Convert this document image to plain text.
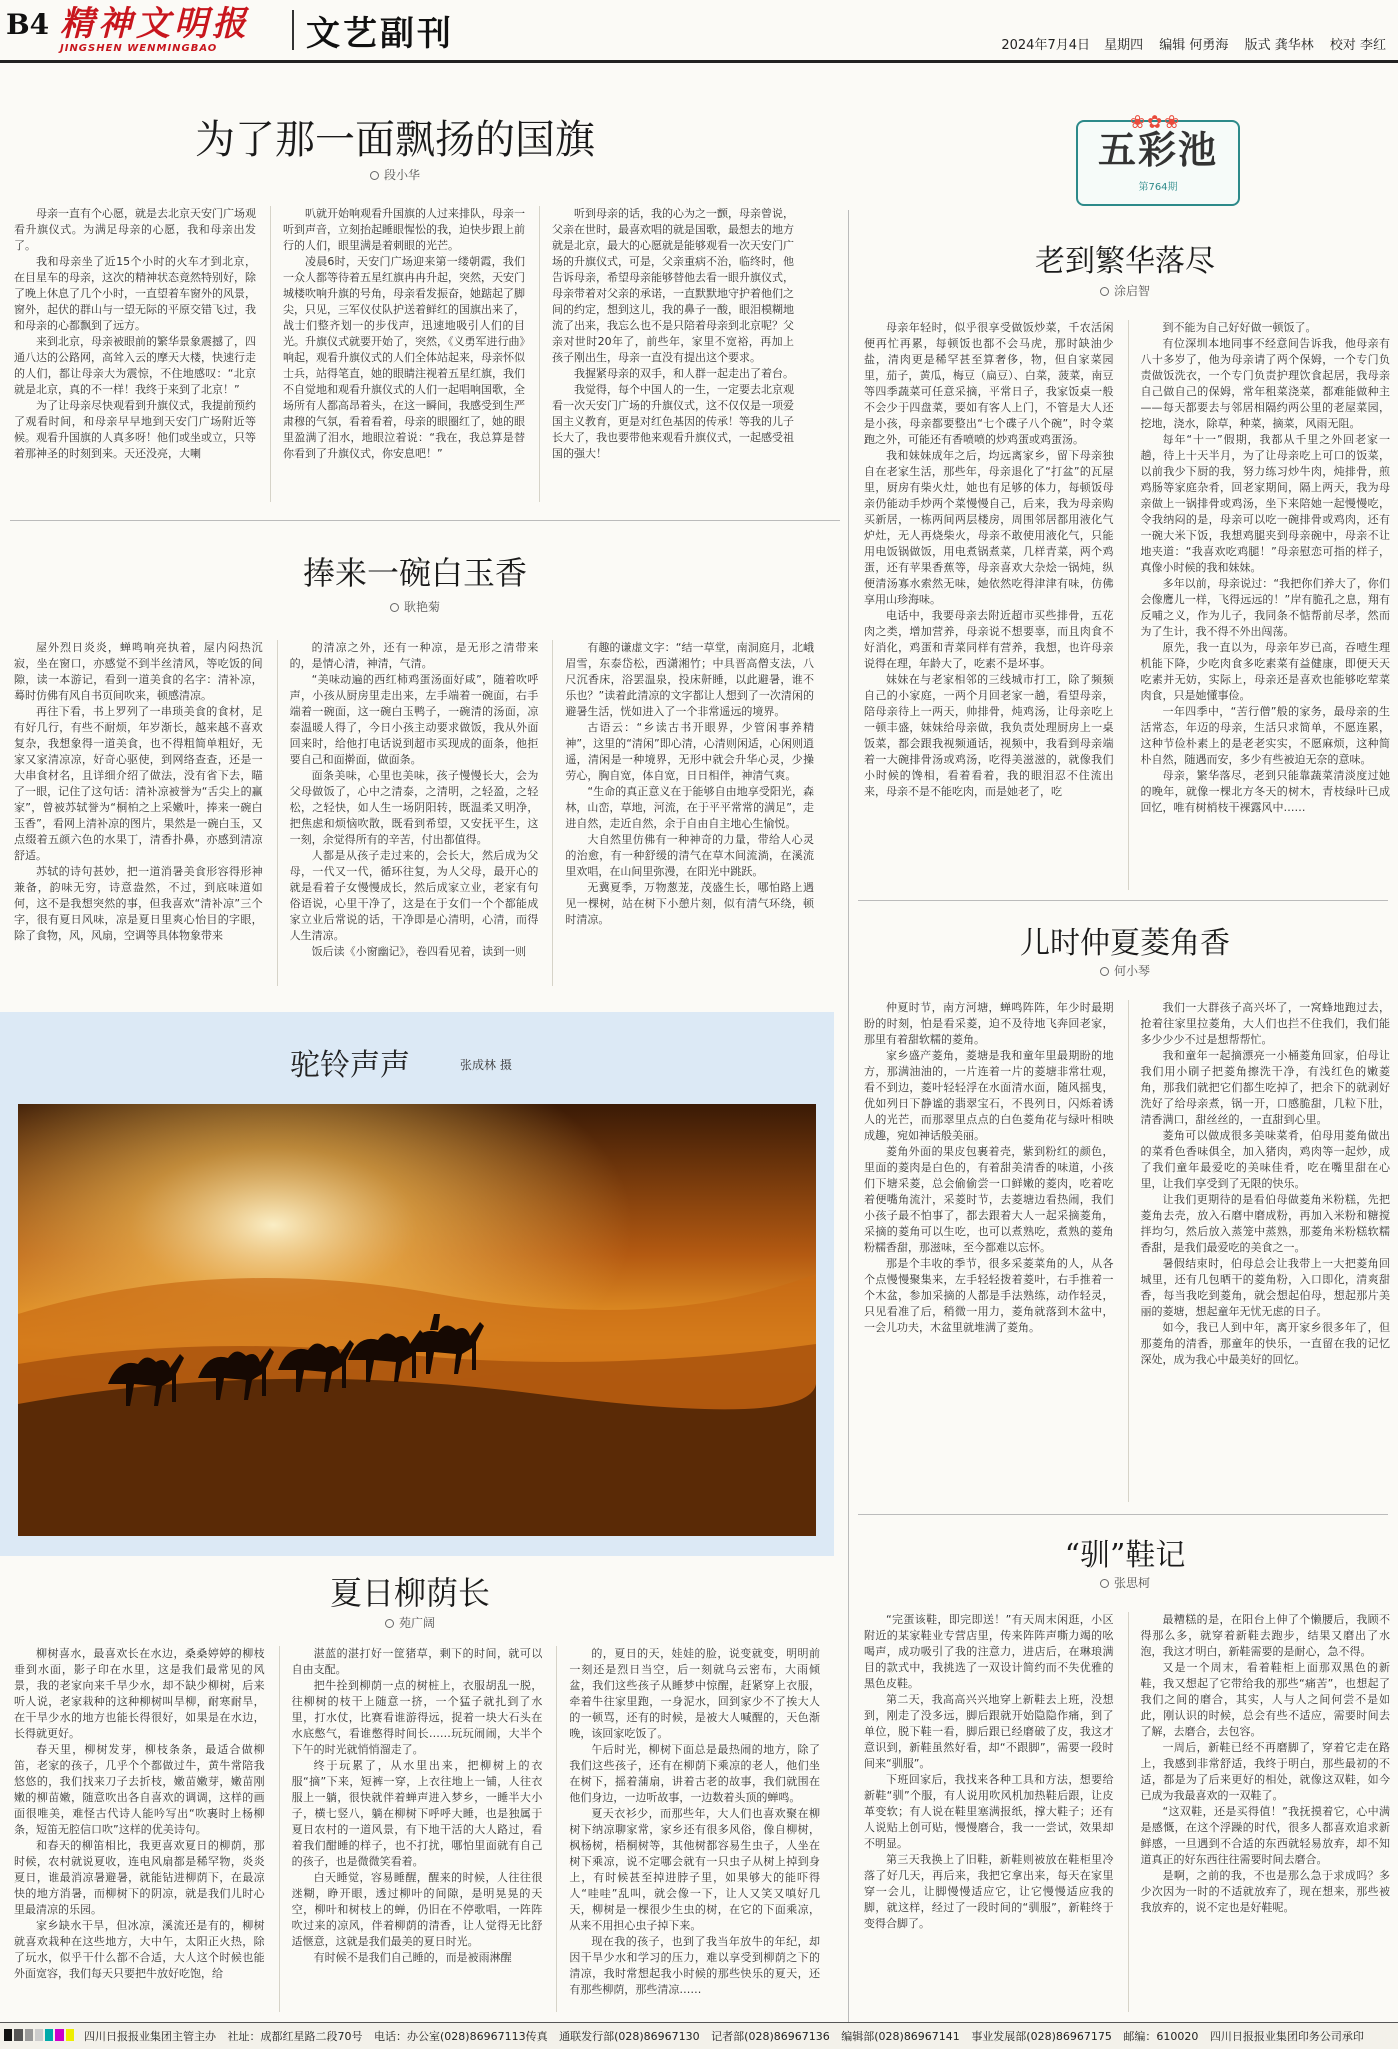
B4 精神文明报
JINGSHEN WENMINGBAO	文艺副刊	2024年7月4日 星期四 编辑 何勇海 版式 龚华林 校对 李红
为了那一面飘扬的国旗
段小华

母亲一直有个心愿，就是去北京天安门广场观看升旗仪式。为满足母亲的心愿，我和母亲出发了。

我和母亲坐了近15个小时的火车才到北京，在目星车的母亲，这次的精神状态竟然特别好，除了晚上休息了几个小时，一直望着车窗外的风景，窗外，起伏的群山与一望无际的平原交错飞过，我和母亲的心都飘到了远方。

来到北京，母亲被眼前的繁华景象震撼了，四通八达的公路网，高耸入云的摩天大楼，快速行走的人们，都让母亲大为震惊，不住地感叹：“北京就是北京，真的不一样！我终于来到了北京！”

为了让母亲尽快观看到升旗仪式，我提前预约了观看时间，和母亲早早地到天安门广场附近等候。观看升国旗的人真多呀！他们或坐或立，只等着那神圣的时刻到来。天还没亮，大喇

叭就开始响观看升国旗的人过来排队，母亲一听到声音，立刻抬起睡眼惺忪的我，迫快步跟上前行的人们，眼里满是着刺眼的光芒。

凌晨6时，天安门广场迎来第一缕朝霞，我们一众人都等待着五星红旗冉冉升起，突然，天安门城楼吹响升旗的号角，母亲看发振奋，她踮起了脚尖，只见，三军仪仗队护送着鲜红的国旗出来了，战士们整齐划一的步伐声，迅速地吸引人们的目光。升旗仪式就要开始了，突然，《义勇军进行曲》响起，观看升旗仪式的人们全体站起来，母亲怀似士兵，站得笔直，她的眼睛注视着五星红旗，我们不自觉地和观看升旗仪式的人们一起唱响国歌，全场所有人都高昂着头，在这一瞬间，我感受到生严肃穆的气氛，看着看着，母亲的眼圈红了，她的眼里盈满了泪水，地眼泣着说：“我在，我总算是替你看到了升旗仪式，你安息吧！”

听到母亲的话，我的心为之一颤，母亲曾说，父亲在世时，最喜欢唱的就是国歌，最想去的地方就是北京，最大的心愿就是能够观看一次天安门广场的升旗仪式，可是，父亲重病不治，临终时，他告诉母亲，希望母亲能够替他去看一眼升旗仪式，母亲带着对父亲的承诺，一直默默地守护着他们之间的约定，想到这儿，我的鼻子一酸，眼泪模糊地流了出来，我忘么也不是只陪着母亲到北京呢？父亲对世时20年了，前些年，家里不宽裕，再加上孩子刚出生，母亲一直没有提出这个要求。

我握紧母亲的双手，和人群一起走出了着台。

我觉得，每个中国人的一生，一定要去北京观看一次天安门广场的升旗仪式，这不仅仅是一项爱国主义教育，更是对红色基因的传承！等我的儿子长大了，我也要带他来观看升旗仪式，一起感受祖国的强大！

五彩池
第764期
❀✿❀
老到繁华落尽
涂启智

母亲年轻时，似乎很享受做饭炒菜，千农活闲便再忙再累，每顿饭也都不会马虎，那时缺油少盐，清肉更是稀罕甚至算奢侈，物，但自家菜园里，茄子，黄瓜，梅豆（扁豆）、白菜，菠菜，南豆等四季蔬菜可任意采摘，平常日子，我家饭桌一般不会少于四盘菜，要如有客人上门，不管是大人还是小孩，母亲都要整出“七个碟子八个碗”，时令菜跑之外，可能还有香喷喷的炒鸡蛋或鸡蛋汤。

我和妹妹成年之后，均远离家乡，留下母亲独自在老家生活，那些年，母亲退化了“打盆”的瓦屋里，厨房有柴火灶，她也有足够的体力，每顿饭母亲仍能动手炒两个菜慢慢自己，后来，我为母亲购买新居，一栋两间两层楼房，周围邻居都用液化气炉灶，无人再烧柴火，母亲不敢使用液化气，只能用电饭锅做饭，用电煮锅煮菜，几样青菜，两个鸡蛋，还有苹果香蕉等，母亲喜欢大杂烩一锅炖，纵便清汤寡水索然无味，她依然吃得津津有味，仿佛享用山珍海味。

电话中，我要母亲去附近超市买些排骨，五花肉之类，增加营养，母亲说不想要辜，而且肉食不好消化，鸡蛋和青菜同样有营养，我想，也许母亲说得在理，年龄大了，吃素不是坏事。

妹妹在与老家相邻的三线城市打工，除了频频自己的小家庭，一两个月回老家一趟，看望母亲，陪母亲待上一两天，帅排骨，炖鸡汤，让母亲吃上一顿丰盛，妹妹给母亲做，我负责处理厨房上一桌饭菜，都会跟我视频通话，视频中，我看到母亲端着一大碗排骨汤或鸡汤，吃得美滋滋的，就像我们小时候的馋相，看着看着，我的眼泪忍不住流出来，母亲不是不能吃肉，而是她老了，吃

到不能为自己好好做一顿饭了。

有位深圳本地同事不经意间告诉我，他母亲有八十多岁了，他为母亲请了两个保姆，一个专门负责做饭洗衣，一个专门负责护理饮食起居，我母亲自己做自己的保姆，常年租菜浇菜，都难能做种主——每天都要去与邻居相隔约两公里的老屋菜园，挖地，浇水，除草，种菜，摘菜，风雨无阻。

每年“十一”假期，我都从千里之外回老家一趟，待上十天半月，为了让母亲吃上可口的饭菜，以前我少下厨的我，努力练习炒牛肉，炖排骨，煎鸡肠等家庭杂肴，回老家期间，隔上两天，我为母亲做上一锅排骨或鸡汤，坐下来陪她一起慢慢吃，令我纳闷的是，母亲可以吃一碗排骨或鸡肉，还有一碗大米下饭，我想鸡腿夹到母亲碗中，母亲不让地夹道：“我喜欢吃鸡腿！”母亲慰恋可指的样子，真像小时候的我和妹妹。

多年以前，母亲说过：“我把你们养大了，你们会像鹰儿一样，飞得远远的！”岸有脆孔之息，翔有反哺之义，作为儿子，我同条不惦帮前尽孝，然而为了生计，我不得不外出闯荡。

原先，我一直以为，母亲年岁已高，吞噎生理机能下降，少吃肉食多吃素菜有益健康，即便天天吃素并无妨，实际上，母亲还是喜欢也能够吃荤菜肉食，只是她懂事俭。

一年四季中，“苦行僧”般的家务，最母亲的生活常态，年迈的母亲，生活只求简单，不愿连累，这种节俭朴素上的是老老实实，不愿麻烦，这种简朴自然，随遇而安，多少有些被迫无奈的意味。

母亲，繁华落尽，老到只能靠蔬菜清淡度过她的晚年，就像一棵北方冬天的树木，青枝绿叶已成回忆，唯有树梢枝干裸露风中……

捧来一碗白玉香
耿艳菊

屋外烈日炎炎，蝉鸣响亮执着，屋内闷热沉寂，坐在窗口，亦感觉不到半丝清风，等吃饭的间隙，读一本游记，看到一道美食的名字：清补凉，蓦时仿佛有风自书页间吹来，顿感清凉。

再往下看，书上罗列了一串琐美食的食材，足有好几行，有些不耐烦，年岁渐长，越来越不喜欢复杂，我想象得一道美食，也不得粗简单粗好，无家又家清凉凉，好奇心驱使，到网络查查，还是一大串食材名，且详细介绍了做法，没有省下去，瞄了一眼，记住了这句话：清补凉被誉为“舌尖上的赢家”，曾被苏轼誉为“桐柏之上采嫩叶，捧来一碗白玉香”，看网上清补凉的图片，果然是一碗白玉，又点缀着五颜六色的水果丁，清香扑鼻，亦感到清凉舒适。

苏轼的诗句甚妙，把一道消暑美食形容得形神兼备，韵味无穷，诗意盎然，不过，到底味道如何，这不是我想突然的事，但我喜欢“清补凉”三个字，很有夏日风味，凉是夏日里爽心怡目的字眼，除了食物，风，风扇，空调等具体物象带来

的清凉之外，还有一种凉，是无形之清带来的，是情心清，神清，气清。

“美味动遍的西红柿鸡蛋汤面好咸”，随着吹呼声，小孩从厨房里走出来，左手端着一碗面，右手端着一碗面，这一碗白玉鸭子，一碗清的汤面，凉泰温暖人得了，今日小孩主动要求做饭，我从外面回来时，给他打电话说到超市买现成的面条，他拒要自己和面擀面，做面条。

面条美味，心里也美味，孩子慢慢长大，会为父母做饭了，心中之清泰，之清明，之轻盈，之轻松，之轻快，如人生一场阴阳转，既温柔又明净，把焦虑和烦恼吹散，既看到希望，又安抚平生，这一刻，余觉得所有的辛苦，付出都值得。

人都是从孩子走过来的，会长大，然后成为父母，一代又一代，循环往复，为人父母，最开心的就是看着子女慢慢成长，然后成家立业，老家有句俗语说，心里干净了，这是在于女们一个个都能成家立业后常说的话，干净即是心清明，心清，而得人生清凉。

饭后读《小窗幽记》，卷四看见着，读到一则

有趣的谦虚文字：“结一草堂，南洞庭月，北峨眉雪，东泰岱松，西潇湘竹；中具晋高僧支法，八尺沉香床，浴罢温泉，投床鼾睡，以此避暑，谁不乐也？”读着此清凉的文字都让人想到了一次清闲的避暑生活，恍如进入了一个非常遥远的境界。

古语云：“乡读古书开眼界，少管闲事养精神”，这里的“清闲”即心清，心清则闲适，心闲则逍遥，清闲是一种境界，无形中就会升华心灵，少操劳心，胸自宽，体自宽，日日相伴，神清气爽。

“生命的真正意义在于能够自由地享受阳光，森林，山峦，草地，河流，在于平平常常的满足”，走进自然，走近自然，余于自由自主地心生愉悦。

大自然里仿佛有一种神奇的力量，带给人心灵的治愈，有一种舒缓的清气在草木间流淌，在溪流里欢唱，在山间里弥漫，在阳光中跳跃。

无冀夏季，万物葱茏，茂盛生长，哪怕路上遇见一棵树，站在树下小憩片刻，似有清气环绕，顿时清凉。

驼铃声声	张成林 摄
儿时仲夏菱角香
何小琴

仲夏时节，南方河塘，蝉鸣阵阵，年少时最期盼的时刻，怕是看采菱，迫不及待地飞奔回老家，那里有着甜软糯的菱角。

家乡盛产菱角，菱塘是我和童年里最期盼的地方，那满油油的，一片连着一片的菱塘非常壮观，看不到边，菱叶轻轻浮在水面清水面，随风摇曳，优如列日下静谧的翡翠宝石，不畏列日，闪烁着诱人的光芒，而那翠里点点的白色菱角花与绿叶相映成趣，宛如神话般美丽。

菱角外面的果皮包裹着壳，紫到粉红的颜色，里面的菱肉是白色的，有着甜美清香的味道，小孩们下塘采菱，总会偷偷尝一口鲜嫩的菱肉，吃着吃着便嘴角流汁，采菱时节，去菱塘边看热闹，我们小孩子最不怕事了，都去跟着大人一起采摘菱角，采摘的菱角可以生吃，也可以煮熟吃，煮熟的菱角粉糯香甜，那滋味，至今都难以忘怀。

那是个丰收的季节，很多采菱菜角的人，从各个点慢慢聚集来，左手轻轻拨着菱叶，右手推着一个木盆，参加采摘的人都是手法熟练，动作轻灵，只见看准了后，稍微一用力，菱角就落到木盆中，一会儿功夫，木盆里就堆满了菱角。

我们一大群孩子高兴坏了，一窝蜂地跑过去，抢着往家里拉菱角，大人们也拦不住我们，我们能多少少少不过是想帮帮忙。

我和童年一起摘漂亮一小桶菱角回家，伯母让我们用小刷子把菱角擦洗干净，有浅红色的嫩菱角，那我们就把它们都生吃掉了，把余下的就剥好洗好了给母亲煮，锅一开，口感脆甜，几粒下肚，清香满口，甜丝丝的，一直甜到心里。

菱角可以做成很多美味菜肴，伯母用菱角做出的菜肴色香味俱全，加入猪肉，鸡肉等一起炒，成了我们童年最爱吃的美味佳肴，吃在嘴里甜在心里，让我们享受到了无限的快乐。

让我们更期待的是看伯母做菱角米粉糕，先把菱角去壳，放入石磨中磨成粉，再加入米粉和糖搅拌均匀，然后放入蒸笼中蒸熟，那菱角米粉糕软糯香甜，是我们最爱吃的美食之一。

暑假结束时，伯母总会让我带上一大把菱角回城里，还有几包晒干的菱角粉，入口即化，清爽甜香，每当我吃到菱角，就会想起伯母，想起那片美丽的菱塘，想起童年无忧无虑的日子。

如今，我已人到中年，离开家乡很多年了，但那菱角的清香，那童年的快乐，一直留在我的记忆深处，成为我心中最美好的回忆。

夏日柳荫长
苑广阔

柳树喜水，最喜欢长在水边，桑桑婷婷的柳枝垂到水面，影子印在水里，这是我们最常见的风景，我的老家向来千旱少水，却不缺少柳树，后来听人说，老家栽种的这种柳树叫旱柳，耐寒耐旱，在干旱少水的地方也能长得很好，如果是在水边，长得就更好。

春天里，柳树发芽，柳枝条条，最适合做柳笛，老家的孩子，几乎个个都做过牛，黄牛常陪我悠悠的，我们找来刀子去折枝，嫩苗嫩芽，嫩苗刚嫩的柳苗嫩，随意吹出各自喜欢的调调，这样的画面很唯美，难怪古代诗人能吟写出“吹裹时上杨柳条，短笛无腔信口吹”这样的优美诗句。

和春天的柳笛相比，我更喜欢夏日的柳荫，那时候，农村就说夏收，连电风扇都是稀罕物，炎炎夏日，谁最消凉暑避暑，就能钻进柳荫下，在最凉快的地方消暑，而柳树下的阴凉，就是我们儿时心里最清凉的乐园。

家乡缺水干旱，但冰凉，溪流还是有的，柳树就喜欢栽种在这些地方，大中午，太阳正火热，除了玩水，似乎干什么都不合适，大人这个时候也能外面宽容，我们每天只要把牛放好吃饱，给

湛蓝的湛打好一筐猪草，剩下的时间，就可以自由支配。

把牛拴到柳荫一点的树桩上，衣服胡乱一脱，往柳树的枝干上随意一挤，一个猛子就扎到了水里，打水仗，比赛看谁游得远，捉着一块大石头在水底憋气，看谁憋得时间长……玩玩闹闹，大半个下午的时光就悄悄溜走了。

终于玩累了，从水里出来，把柳树上的衣服“摘”下来，短裤一穿，上衣往地上一铺，人往衣服上一躺，很快就伴着蝉声进入梦乡，一睡半大小子，横七竖八，躺在柳树下呼呼大睡，也是独属于夏日农村的一道风景，有下地干活的大人路过，看着我们酣睡的样子，也不打扰，哪怕里面就有自己的孩子，也是微微笑看着。

白天睡觉，容易睡醒，醒来的时候，人往往很迷糊，睁开眼，透过柳叶的间隙，是明晃晃的天空，柳叶和树枝上的蝉，仍旧在不停歌唱，一阵阵吹过来的凉风，伴着柳荫的清香，让人觉得无比舒适惬意，这就是我们最美的夏日时光。

有时候不是我们自己睡的，而是被雨淋醒

的，夏日的天，娃娃的脸，说变就变，明明前一刻还是烈日当空，后一刻就乌云密布，大雨倾盆，我们这些孩子从睡梦中惊醒，赶紧穿上衣服，牵着牛往家里跑，一身泥水，回到家少不了挨大人的一顿骂，还有的时候，是被大人喊醒的，天色渐晚，该回家吃饭了。

午后时光，柳树下面总是最热闹的地方，除了我们这些孩子，还有在柳荫下乘凉的老人，他们坐在树下，摇着蒲扇，讲着古老的故事，我们就围在他们身边，一边听故事，一边数着头顶的蝉鸣。

夏天衣衫少，而那些年，大人们也喜欢聚在柳树下纳凉聊家常，家乡还有很多风俗，像自柳树，枫杨树，梧桐树等，其他树都容易生虫子，人坐在树下乘凉，说不定哪会就有一只虫子从树上掉到身上，有时候甚至掉进脖子里，如果够大的能吓得人“哇哇”乱叫，就会像一下，让人又笑又嗔好几天，柳树是一棵很少生虫的树，在它的下面乘凉，从来不用担心虫子掉下来。

现在我的孩子，也到了我当年放牛的年纪，却因干旱少水和学习的压力，难以享受到柳荫之下的清凉，我时常想起我小时候的那些快乐的夏天，还有那些柳荫，那些清凉……

“驯”鞋记
张思柯

“完蛋该鞋，即完即送！”有天周末闲逛，小区附近的某家鞋业专营店里，传来阵阵声嘶力竭的吆喝声，成功吸引了我的注意力，进店后，在琳琅满目的款式中，我挑选了一双设计简约而不失优雅的黑色皮鞋。

第二天，我高高兴兴地穿上新鞋去上班，没想到，刚走了没多远，脚后跟就开始隐隐作痛，到了单位，脱下鞋一看，脚后跟已经磨破了皮，我这才意识到，新鞋虽然好看，却“不跟脚”，需要一段时间来“驯服”。

下班回家后，我找来各种工具和方法，想要给新鞋“驯”个服，有人说用吹风机加热鞋后跟，让皮革变软；有人说在鞋里塞满报纸，撑大鞋子；还有人说贴上创可贴，慢慢磨合，我一一尝试，效果却不明显。

第三天我换上了旧鞋，新鞋则被放在鞋柜里冷落了好几天，再后来，我把它拿出来，每天在家里穿一会儿，让脚慢慢适应它，让它慢慢适应我的脚，就这样，经过了一段时间的“驯服”，新鞋终于变得合脚了。

最糟糕的是，在阳台上伸了个懒腰后，我顾不得那么多，就穿着新鞋去跑步，结果又磨出了水泡，我这才明白，新鞋需要的是耐心，急不得。

又是一个周末，看着鞋柜上面那双黑色的新鞋，我又想起了它带给我的那些“痛苦”，也想起了我们之间的磨合，其实，人与人之间何尝不是如此，刚认识的时候，总会有些不适应，需要时间去了解，去磨合，去包容。

一周后，新鞋已经不再磨脚了，穿着它走在路上，我感到非常舒适，我终于明白，那些最初的不适，都是为了后来更好的相处，就像这双鞋，如今已成为我最喜欢的一双鞋了。

“这双鞋，还是买得值！”我抚摸着它，心中满是感慨，在这个浮躁的时代，很多人都喜欢追求新鲜感，一旦遇到不合适的东西就轻易放弃，却不知道真正的好东西往往需要时间去磨合。

是啊，之前的我，不也是那么急于求成吗？多少次因为一时的不适就放弃了，现在想来，那些被我放弃的，说不定也是好鞋呢。

四川日报报业集团主管主办 社址：成都红星路二段70号 电话：办公室(028)86967113传真 通联发行部(028)86967130 记者部(028)86967136 编辑部(028)86967141 事业发展部(028)86967175 邮编：610020 四川日报报业集团印务公司承印
